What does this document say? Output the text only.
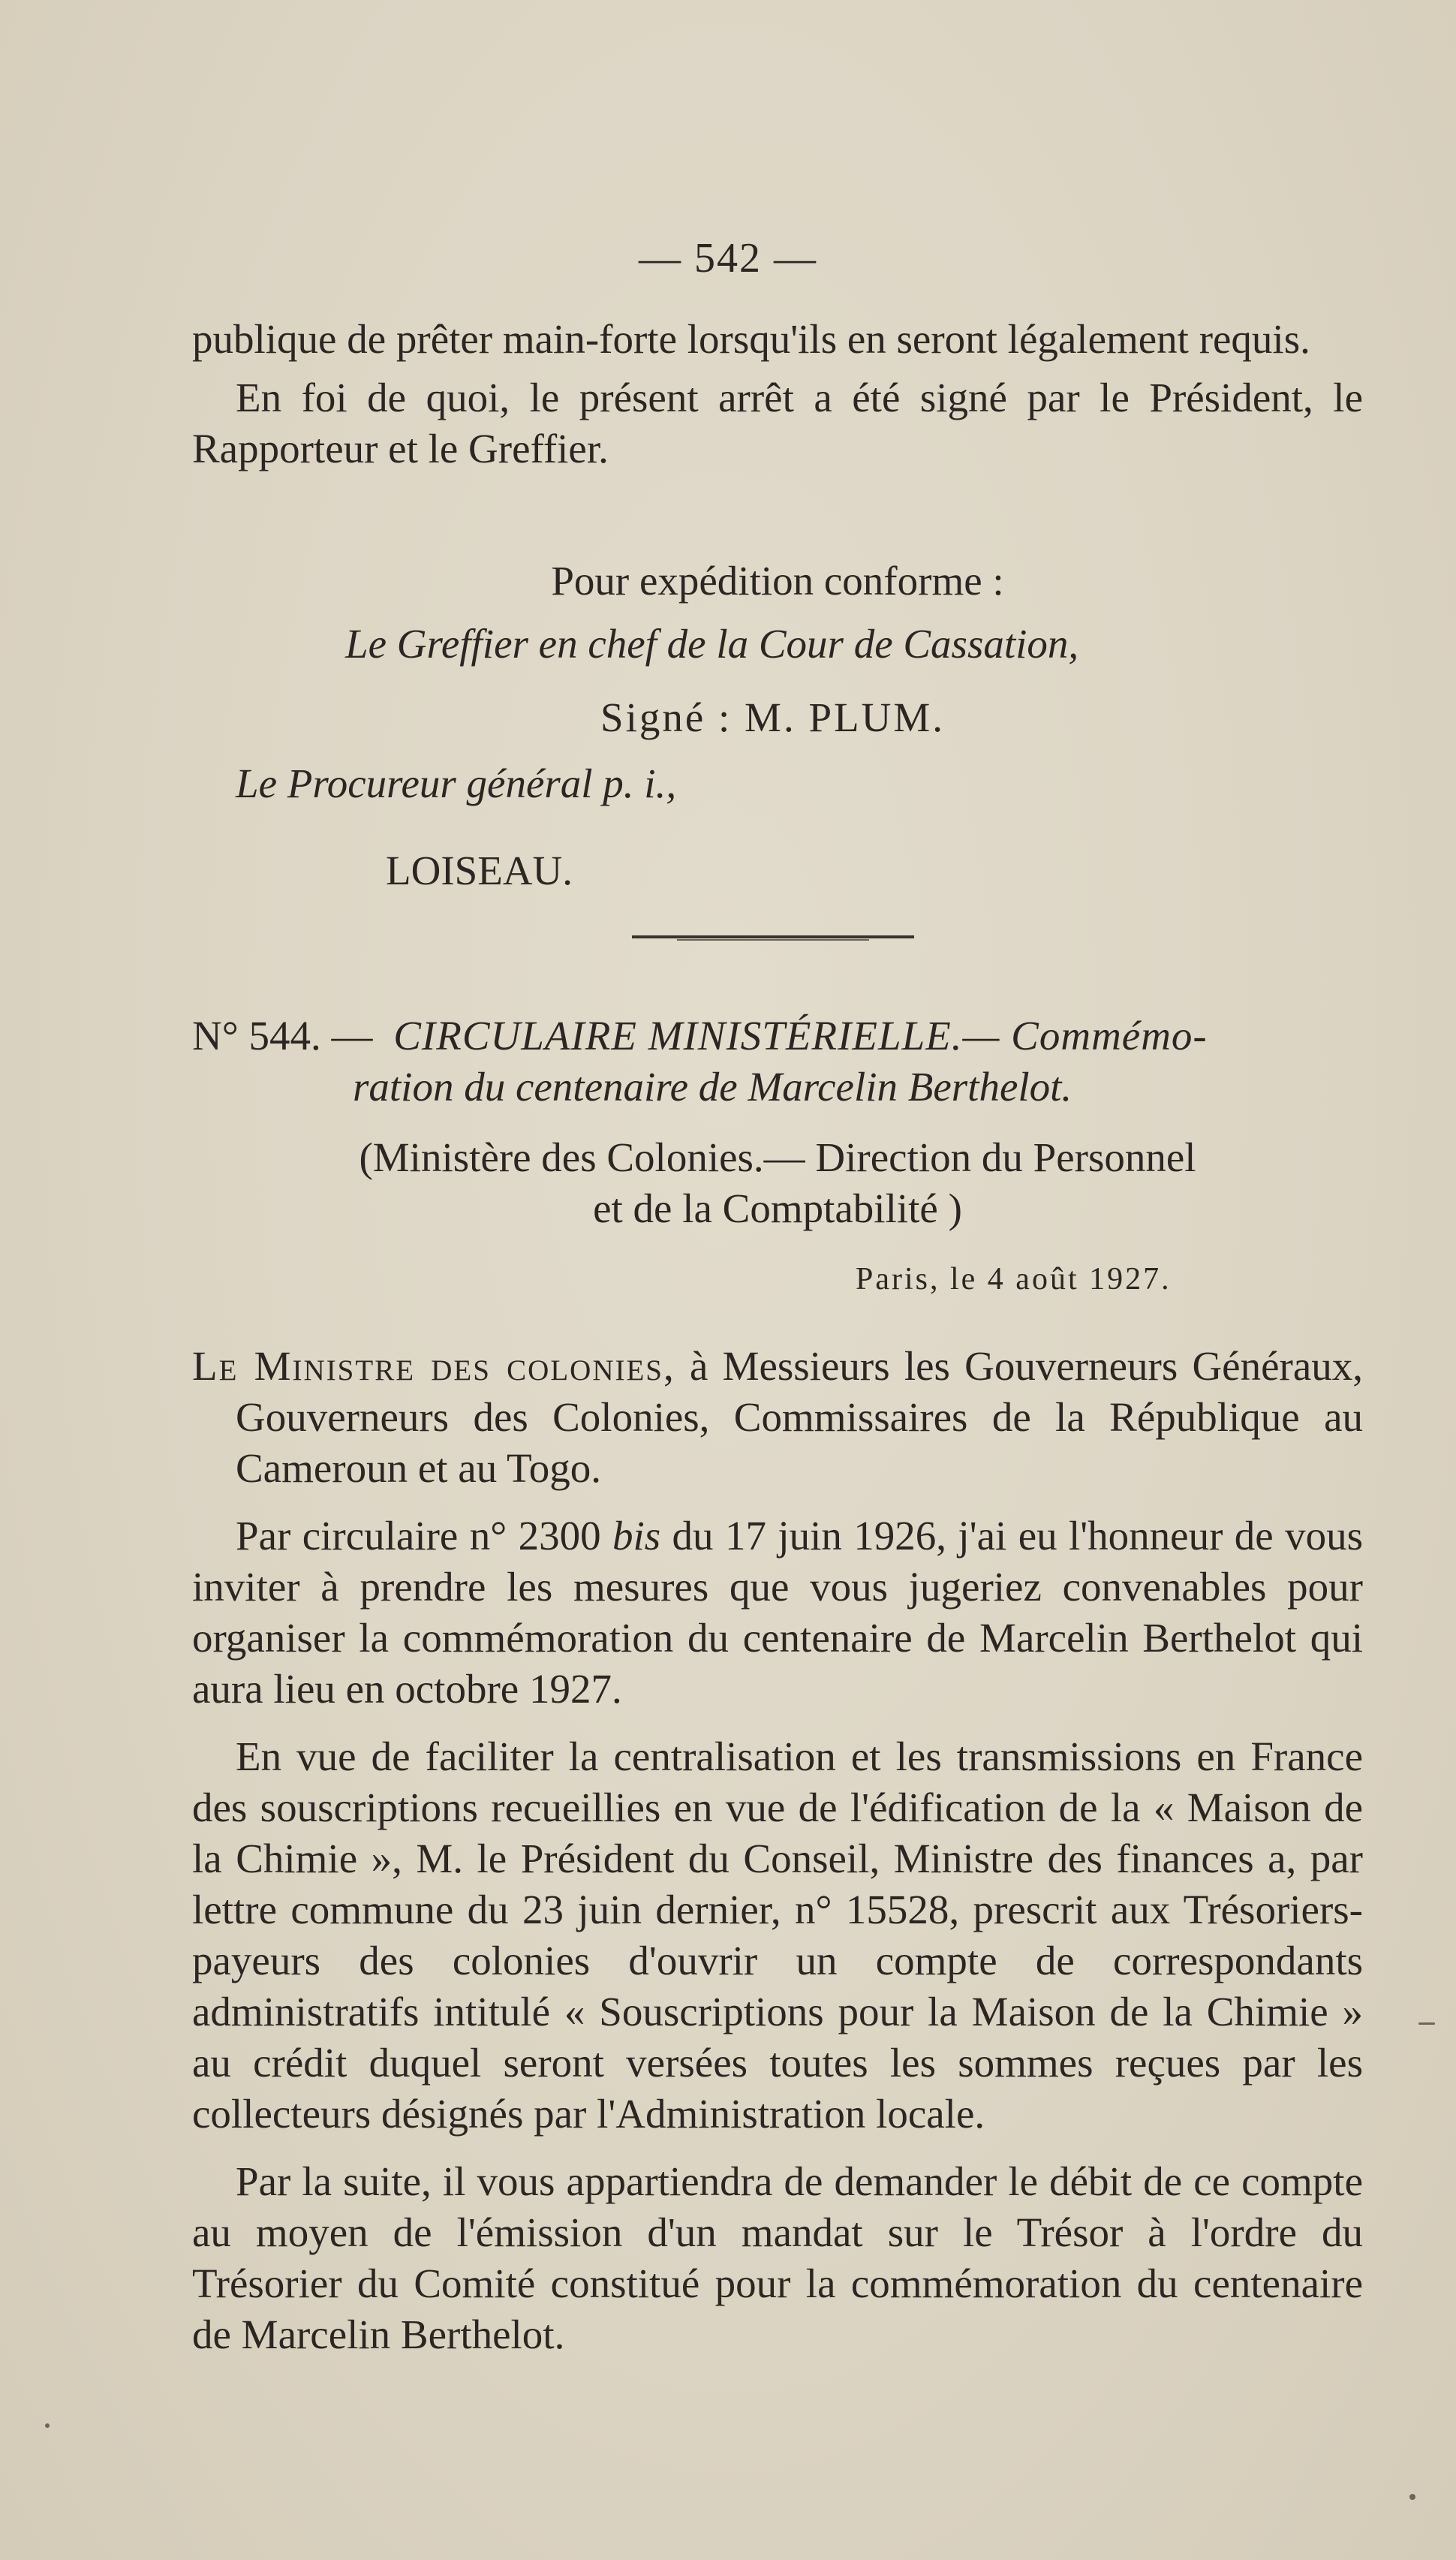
— 542 —

publique de prêter main-forte lorsqu'ils en seront légalement requis.

En foi de quoi, le présent arrêt a été signé par le Président, le Rapporteur et le Greffier.

Pour expédition conforme :
Le Greffier en chef de la Cour de Cassation,
Signé : M. PLUM.
Le Procureur général p. i.,
LOISEAU.
N° 544. — CIRCULAIRE MINISTÉRIELLE.— Commémo-
ration du centenaire de Marcelin Berthelot.
(Ministère des Colonies.— Direction du Personnel
et de la Comptabilité )
Paris, le 4 août 1927.

Le Ministre des colonies, à Messieurs les Gouverneurs Généraux, Gouverneurs des Colonies, Commissaires de la République au Cameroun et au Togo.

Par circulaire n° 2300 bis du 17 juin 1926, j'ai eu l'honneur de vous inviter à prendre les mesures que vous jugeriez convenables pour organiser la commémoration du centenaire de Marcelin Berthelot qui aura lieu en octobre 1927.

En vue de faciliter la centralisation et les transmissions en France des souscriptions recueillies en vue de l'édification de la « Maison de la Chimie », M. le Président du Conseil, Ministre des finances a, par lettre commune du 23 juin dernier, n° 15528, prescrit aux Trésoriers-payeurs des colonies d'ouvrir un compte de correspondants administratifs intitulé « Souscriptions pour la Maison de la Chimie » au crédit duquel seront versées toutes les sommes reçues par les collecteurs désignés par l'Administration locale.

Par la suite, il vous appartiendra de demander le débit de ce compte au moyen de l'émission d'un mandat sur le Trésor à l'ordre du Trésorier du Comité constitué pour la commémoration du centenaire de Marcelin Berthelot.
